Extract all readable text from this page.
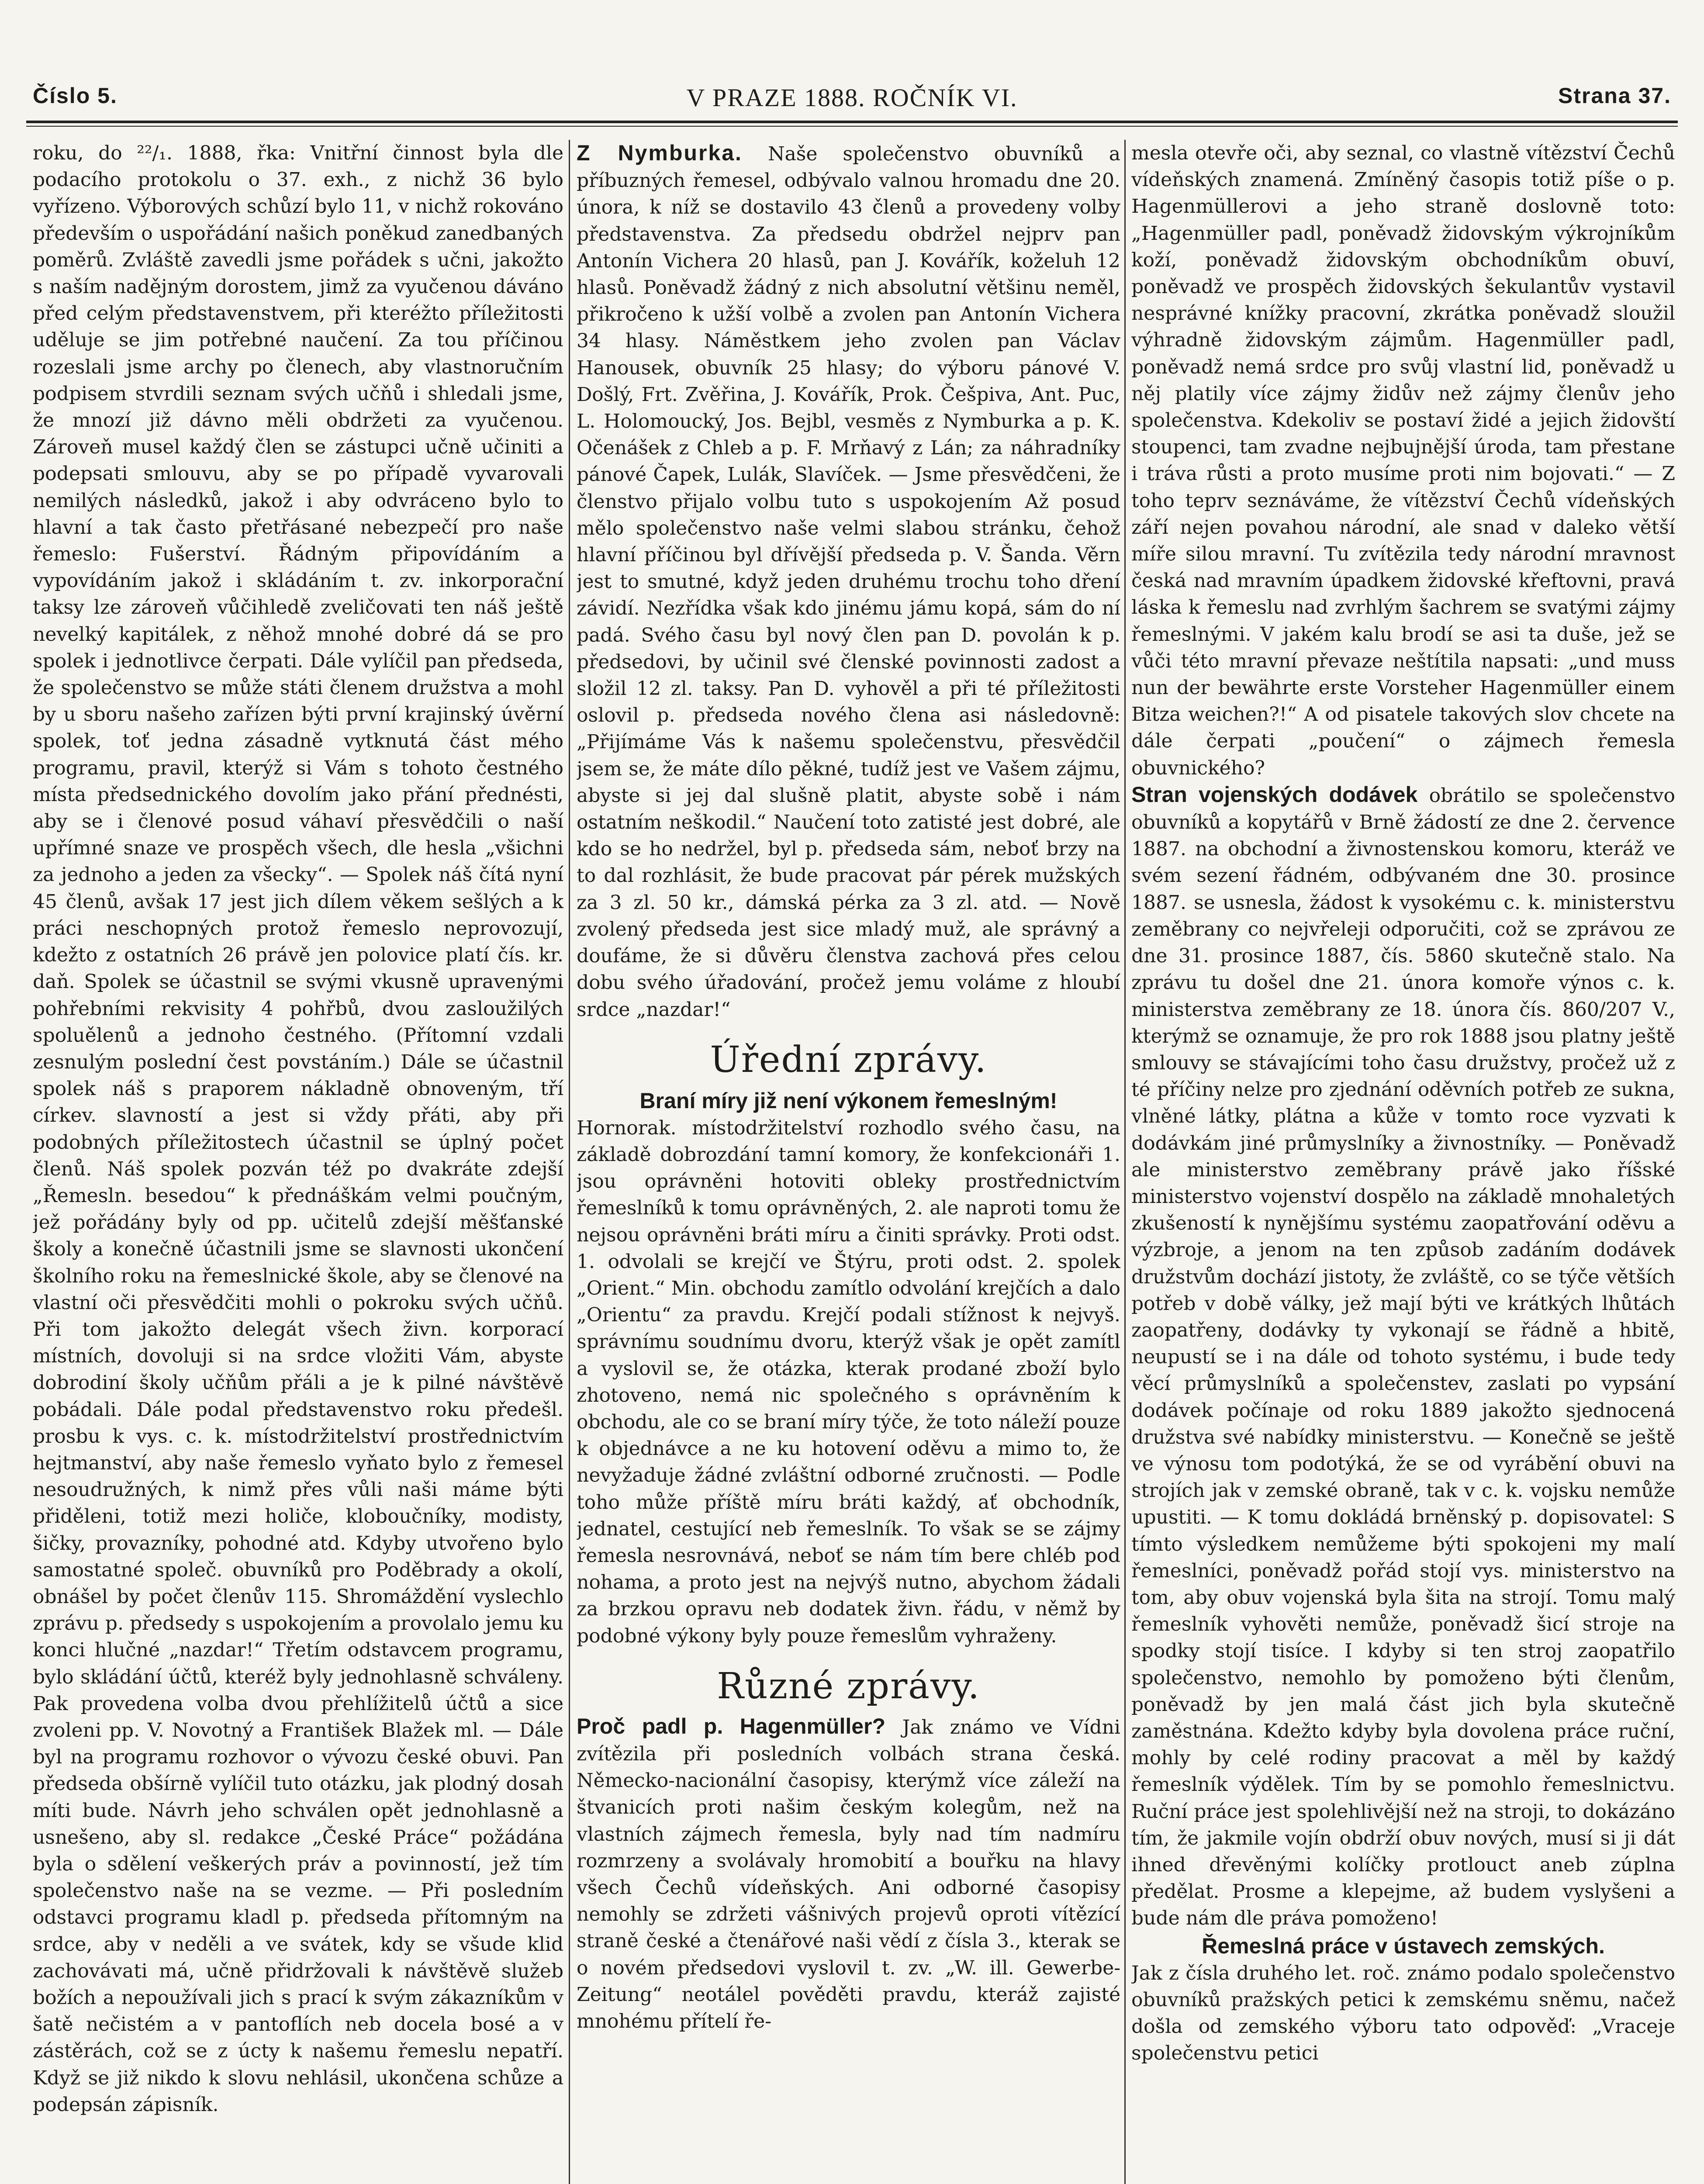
Číslo 5.	V PRAZE 1888. ROČNÍK VI.	Strana 37.

roku, do ²²/₁. 1888, řka: Vnitřní činnost byla dle podacího protokolu o 37. exh., z nichž 36 bylo vyřízeno. Výborových schůzí bylo 11, v nichž rokováno především o uspořádání našich poněkud zanedbaných poměrů. Zvláště zavedli jsme pořádek s učni, jakožto s naším nadějným dorostem, jimž za vyučenou dáváno před celým představenstvem, při kteréžto příležitosti uděluje se jim potřebné naučení. Za tou příčinou rozeslali jsme archy po členech, aby vlastnoručním podpisem stvrdili seznam svých učňů i shledali jsme, že mnozí již dávno měli obdržeti za vyučenou. Zároveň musel každý člen se zástupci učně učiniti a podepsati smlouvu, aby se po případě vyvarovali nemilých následků, jakož i aby odvráceno bylo to hlavní a tak často přetřásané nebezpečí pro naše řemeslo: Fušerství. Řádným připovídáním a vypovídáním jakož i skládáním t. zv. inkorporační taksy lze zároveň vůčihledě zveličovati ten náš ještě nevelký kapitálek, z něhož mnohé dobré dá se pro spolek i jednotlivce čerpati. Dále vylíčil pan předseda, že společenstvo se může státi členem družstva a mohl by u sboru našeho zařízen býti první krajinský úvěrní spolek, toť jedna zásadně vytknutá část mého programu, pravil, kterýž si Vám s tohoto čestného místa předsednického dovolím jako přání přednésti, aby se i členové posud váhaví přesvědčili o naší upřímné snaze ve prospěch všech, dle hesla „všichni za jednoho a jeden za všecky“. — Spolek náš čítá nyní 45 členů, avšak 17 jest jich dílem věkem sešlých a k práci neschopných protož řemeslo neprovozují, kdežto z ostatních 26 právě jen polovice platí čís. kr. daň. Spolek se účastnil se svými vkusně upravenými pohřebními rekvisity 4 pohřbů, dvou zasloužilých spoluělenů a jednoho čestného. (Přítomní vzdali zesnulým poslední čest povstáním.) Dále se účastnil spolek náš s praporem nákladně obnoveným, tří církev. slavností a jest si vždy přáti, aby při podobných příležitostech účastnil se úplný počet členů. Náš spolek pozván též po dvakráte zdejší „Řemesln. besedou“ k přednáškám velmi poučným, jež pořádány byly od pp. učitelů zdejší měšťanské školy a konečně účastnili jsme se slavnosti ukončení školního roku na řemeslnické škole, aby se členové na vlastní oči přesvědčiti mohli o pokroku svých učňů. Při tom jakožto delegát všech živn. korporací místních, dovoluji si na srdce vložiti Vám, abyste dobrodiní školy učňům přáli a je k pilné návštěvě pobádali. Dále podal představenstvo roku předešl. prosbu k vys. c. k. místodržitelství prostřednictvím hejtmanství, aby naše řemeslo vyňato bylo z řemesel nesoudružných, k nimž přes vůli naši máme býti přiděleni, totiž mezi holiče, kloboučníky, modisty, šičky, provazníky, pohodné atd. Kdyby utvořeno bylo samostatné společ. obuvníků pro Poděbrady a okolí, obnášel by počet členův 115. Shromáždění vyslechlo zprávu p. předsedy s uspokojením a provolalo jemu ku konci hlučné „nazdar!“ Třetím odstavcem programu, bylo skládání účtů, kteréž byly jednohlasně schváleny. Pak provedena volba dvou přehlížitelů účtů a sice zvoleni pp. V. Novotný a František Blažek ml. — Dále byl na programu rozhovor o vývozu české obuvi. Pan předseda obšírně vylíčil tuto otázku, jak plodný dosah míti bude. Návrh jeho schválen opět jednohlasně a usnešeno, aby sl. redakce „České Práce“ požádána byla o sdělení veškerých práv a povinností, jež tím společenstvo naše na se vezme. — Při posledním odstavci programu kladl p. předseda přítomným na srdce, aby v neděli a ve svátek, kdy se všude klid zachovávati má, učně přidržovali k návštěvě služeb božích a nepoužívali jich s prací k svým zákazníkům v šatě nečistém a v pantoflích neb docela bosé a v zástěrách, což se z úcty k našemu řemeslu nepatří. Když se již nikdo k slovu nehlásil, ukončena schůze a podepsán zápisník.

Z Nymburka. Naše společenstvo obuvníků a příbuzných řemesel, odbývalo valnou hromadu dne 20. února, k níž se dostavilo 43 členů a provedeny volby představenstva. Za předsedu obdržel nejprv pan Antonín Vichera 20 hlasů, pan J. Kovářík, koželuh 12 hlasů. Poněvadž žádný z nich absolutní většinu neměl, přikročeno k užší volbě a zvolen pan Antonín Vichera 34 hlasy. Náměstkem jeho zvolen pan Václav Hanousek, obuvník 25 hlasy; do výboru pánové V. Došlý, Frt. Zvěřina, J. Kovářík, Prok. Češpiva, Ant. Puc, L. Holomoucký, Jos. Bejbl, vesměs z Nymburka a p. K. Očenášek z Chleb a p. F. Mrňavý z Lán; za náhradníky pánové Čapek, Lulák, Slavíček. — Jsme přesvědčeni, že členstvo přijalo volbu tuto s uspokojením Až posud mělo společenstvo naše velmi slabou stránku, čehož hlavní příčinou byl dřívější předseda p. V. Šanda. Věrn jest to smutné, když jeden druhému trochu toho dření závidí. Nezřídka však kdo jinému jámu kopá, sám do ní padá. Svého času byl nový člen pan D. povolán k p. předsedovi, by učinil své členské povinnosti zadost a složil 12 zl. taksy. Pan D. vyhověl a při té příležitosti oslovil p. předseda nového člena asi následovně: „Přijímáme Vás k našemu společenstvu, přesvědčil jsem se, že máte dílo pěkné, tudíž jest ve Vašem zájmu, abyste si jej dal slušně platit, abyste sobě i nám ostatním neškodil.“ Naučení toto zatisté jest dobré, ale kdo se ho nedržel, byl p. předseda sám, neboť brzy na to dal rozhlásit, že bude pracovat pár pérek mužských za 3 zl. 50 kr., dámská pérka za 3 zl. atd. — Nově zvolený předseda jest sice mladý muž, ale správný a doufáme, že si důvěru členstva zachová přes celou dobu svého úřadování, pročež jemu voláme z hloubí srdce „nazdar!“

Úřední zprávy.
Braní míry již není výkonem řemeslným!

Hornorak. místodržitelství rozhodlo svého času, na základě dobrozdání tamní komory, že konfekcionáři 1. jsou oprávněni hotoviti obleky prostřednictvím řemeslníků k tomu oprávněných, 2. ale naproti tomu že nejsou oprávněni bráti míru a činiti správky. Proti odst. 1. odvolali se krejčí ve Štýru, proti odst. 2. spolek „Orient.“ Min. obchodu zamítlo odvolání krejčích a dalo „Orientu“ za pravdu. Krejčí podali stížnost k nejvyš. správnímu soudnímu dvoru, kterýž však je opět zamítl a vyslovil se, že otázka, kterak prodané zboží bylo zhotoveno, nemá nic společného s oprávněním k obchodu, ale co se braní míry týče, že toto náleží pouze k objednávce a ne ku hotovení oděvu a mimo to, že nevyžaduje žádné zvláštní odborné zručnosti. — Podle toho může příště míru bráti každý, ať obchodník, jednatel, cestující neb řemeslník. To však se se zájmy řemesla nesrovnává, neboť se nám tím bere chléb pod nohama, a proto jest na nejvýš nutno, abychom žádali za brzkou opravu neb dodatek živn. řádu, v němž by podobné výkony byly pouze řemeslům vyhraženy.

Různé zprávy.

Proč padl p. Hagenmüller? Jak známo ve Vídni zvítězila při posledních volbách strana česká. Německo-nacionální časopisy, kterýmž více záleží na štvanicích proti našim českým kolegům, než na vlastních zájmech řemesla, byly nad tím nadmíru rozmrzeny a svolávaly hromobití a bouřku na hlavy všech Čechů vídeňských. Ani odborné časopisy nemohly se zdržeti vášnivých projevů oproti vítězící straně české a čtenářové naši vědí z čísla 3., kterak se o novém předsedovi vyslovil t. zv. „W. ill. Gewerbe-Zeitung“ neotálel pověděti pravdu, kteráž zajisté mnohému přítelí ře-

mesla otevře oči, aby seznal, co vlastně vítězství Čechů vídeňských znamená. Zmíněný časopis totiž píše o p. Hagenmüllerovi a jeho straně doslovně toto: „Hagenmüller padl, poněvadž židovským výkrojníkům koží, poněvadž židovským obchodníkům obuví, poněvadž ve prospěch židovských šekulantův vystavil nesprávné knížky pracovní, zkrátka poněvadž sloužil výhradně židovským zájmům. Hagenmüller padl, poněvadž nemá srdce pro svůj vlastní lid, poněvadž u něj platily více zájmy židův než zájmy členův jeho společenstva. Kdekoliv se postaví židé a jejich židovští stoupenci, tam zvadne nejbujnější úroda, tam přestane i tráva růsti a proto musíme proti nim bojovati.“ — Z toho teprv seznáváme, že vítězství Čechů vídeňských září nejen povahou národní, ale snad v daleko větší míře silou mravní. Tu zvítězila tedy národní mravnost česká nad mravním úpadkem židovské křeftovni, pravá láska k řemeslu nad zvrhlým šachrem se svatými zájmy řemeslnými. V jakém kalu brodí se asi ta duše, jež se vůči této mravní převaze neštítila napsati: „und muss nun der bewährte erste Vorsteher Hagenmüller einem Bitza weichen?!“ A od pisatele takových slov chcete na dále čerpati „poučení“ o zájmech řemesla obuvnického?

Stran vojenských dodávek obrátilo se společenstvo obuvníků a kopytářů v Brně žádostí ze dne 2. července 1887. na obchodní a živnostenskou komoru, kteráž ve svém sezení řádném, odbývaném dne 30. prosince 1887. se usnesla, žádost k vysokému c. k. ministerstvu zeměbrany co nejvřeleji odporučiti, což se zprávou ze dne 31. prosince 1887, čís. 5860 skutečně stalo. Na zprávu tu došel dne 21. února komoře výnos c. k. ministerstva zeměbrany ze 18. února čís. 860/207 V., kterýmž se oznamuje, že pro rok 1888 jsou platny ještě smlouvy se stávajícími toho času družstvy, pročež už z té příčiny nelze pro zjednání oděvních potřeb ze sukna, vlněné látky, plátna a kůže v tomto roce vyzvati k dodávkám jiné průmyslníky a živnostníky. — Poněvadž ale ministerstvo zeměbrany právě jako říšské ministerstvo vojenství dospělo na základě mnohaletých zkušeností k nynějšímu systému zaopatřování oděvu a výzbroje, a jenom na ten způsob zadáním dodávek družstvům dochází jistoty, že zvláště, co se týče větších potřeb v době války, jež mají býti ve krátkých lhůtách zaopatřeny, dodávky ty vykonají se řádně a hbitě, neupustí se i na dále od tohoto systému, i bude tedy věcí průmyslníků a společenstev, zaslati po vypsání dodávek počínaje od roku 1889 jakožto sjednocená družstva své nabídky ministerstvu. — Konečně se ještě ve výnosu tom podotýká, že se od vyrábění obuvi na strojích jak v zemské obraně, tak v c. k. vojsku nemůže upustiti. — K tomu dokládá brněnský p. dopisovatel: S tímto výsledkem nemůžeme býti spokojeni my malí řemeslníci, poněvadž pořád stojí vys. ministerstvo na tom, aby obuv vojenská byla šita na strojí. Tomu malý řemeslník vyhověti nemůže, poněvadž šicí stroje na spodky stojí tisíce. I kdyby si ten stroj zaopatřilo společenstvo, nemohlo by pomoženo býti členům, poněvadž by jen malá část jich byla skutečně zaměstnána. Kdežto kdyby byla dovolena práce ruční, mohly by celé rodiny pracovat a měl by každý řemeslník výdělek. Tím by se pomohlo řemeslnictvu. Ruční práce jest spolehlivější než na stroji, to dokázáno tím, že jakmile vojín obdrží obuv nových, musí si ji dát ihned dřevěnými kolíčky protlouct aneb zúplna předělat. Prosme a klepejme, až budem vyslyšeni a bude nám dle práva pomoženo!

Řemeslná práce v ústavech zemských.

Jak z čísla druhého let. roč. známo podalo společenstvo obuvníků pražských petici k zemskému sněmu, načež došla od zemského výboru tato odpověď: „Vraceje společenstvu petici
